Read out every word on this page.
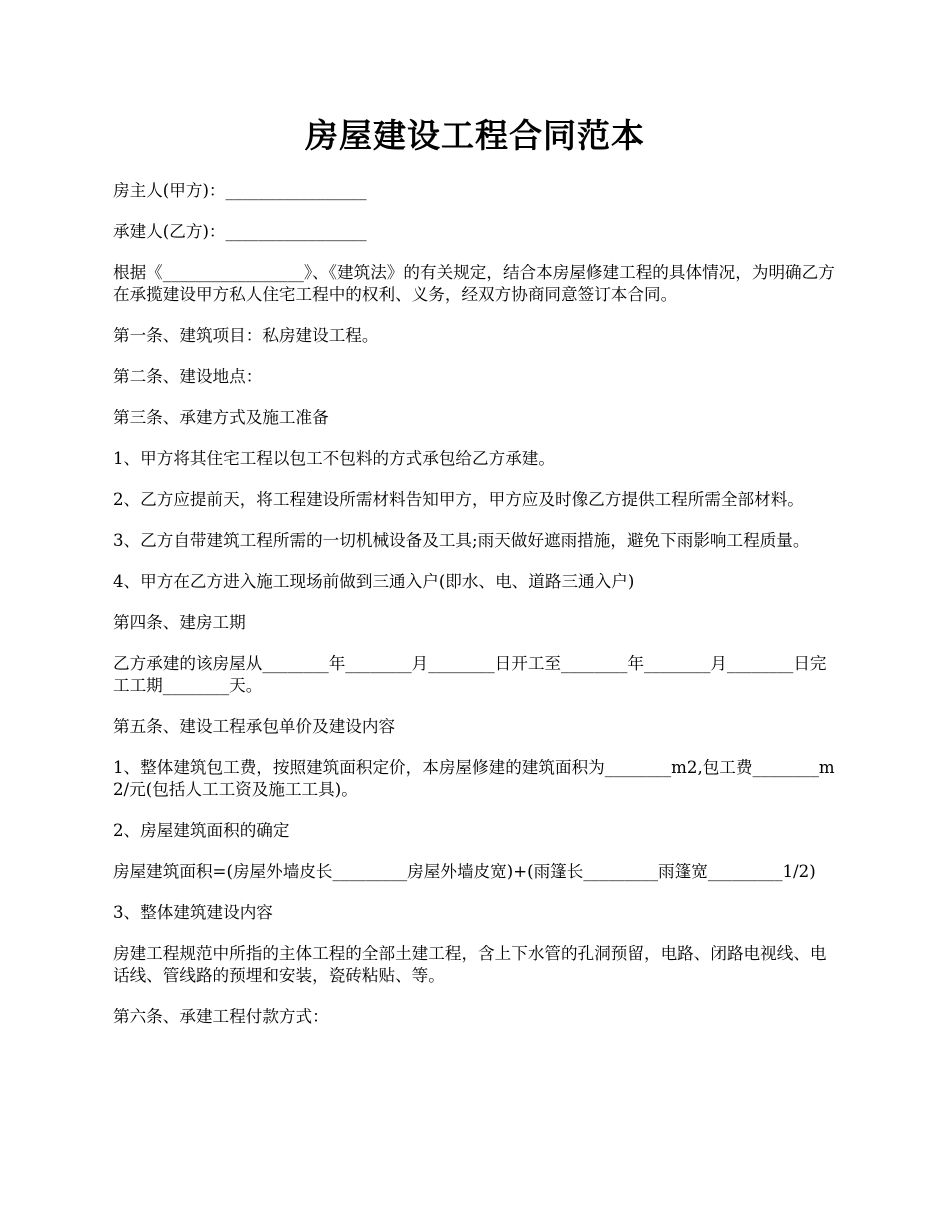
房屋建设工程合同范本

房主人(甲方)：_________________

承建人(乙方)：_________________

根据《_________________》、《建筑法》的有关规定，结合本房屋修建工程的具体情况，为明确乙方在承揽建设甲方私人住宅工程中的权利、义务，经双方协商同意签订本合同。

第一条、建筑项目：私房建设工程。

第二条、建设地点：

第三条、承建方式及施工准备

1、甲方将其住宅工程以包工不包料的方式承包给乙方承建。

2、乙方应提前天，将工程建设所需材料告知甲方，甲方应及时像乙方提供工程所需全部材料。

3、乙方自带建筑工程所需的一切机械设备及工具;雨天做好遮雨措施，避免下雨影响工程质量。

4、甲方在乙方进入施工现场前做到三通入户(即水、电、道路三通入户)

第四条、建房工期

乙方承建的该房屋从________年________月________日开工至________年________月________日完工工期________天。

第五条、建设工程承包单价及建设内容

1、整体建筑包工费，按照建筑面积定价，本房屋修建的建筑面积为________m2,包工费________m2/元(包括人工工资及施工工具)。

2、房屋建筑面积的确定

房屋建筑面积=(房屋外墙皮长_________房屋外墙皮宽)+(雨篷长_________雨篷宽_________1/2)

3、整体建筑建设内容

房建工程规范中所指的主体工程的全部土建工程，含上下水管的孔洞预留，电路、闭路电视线、电话线、管线路的预埋和安装，瓷砖粘贴、等。

第六条、承建工程付款方式：
